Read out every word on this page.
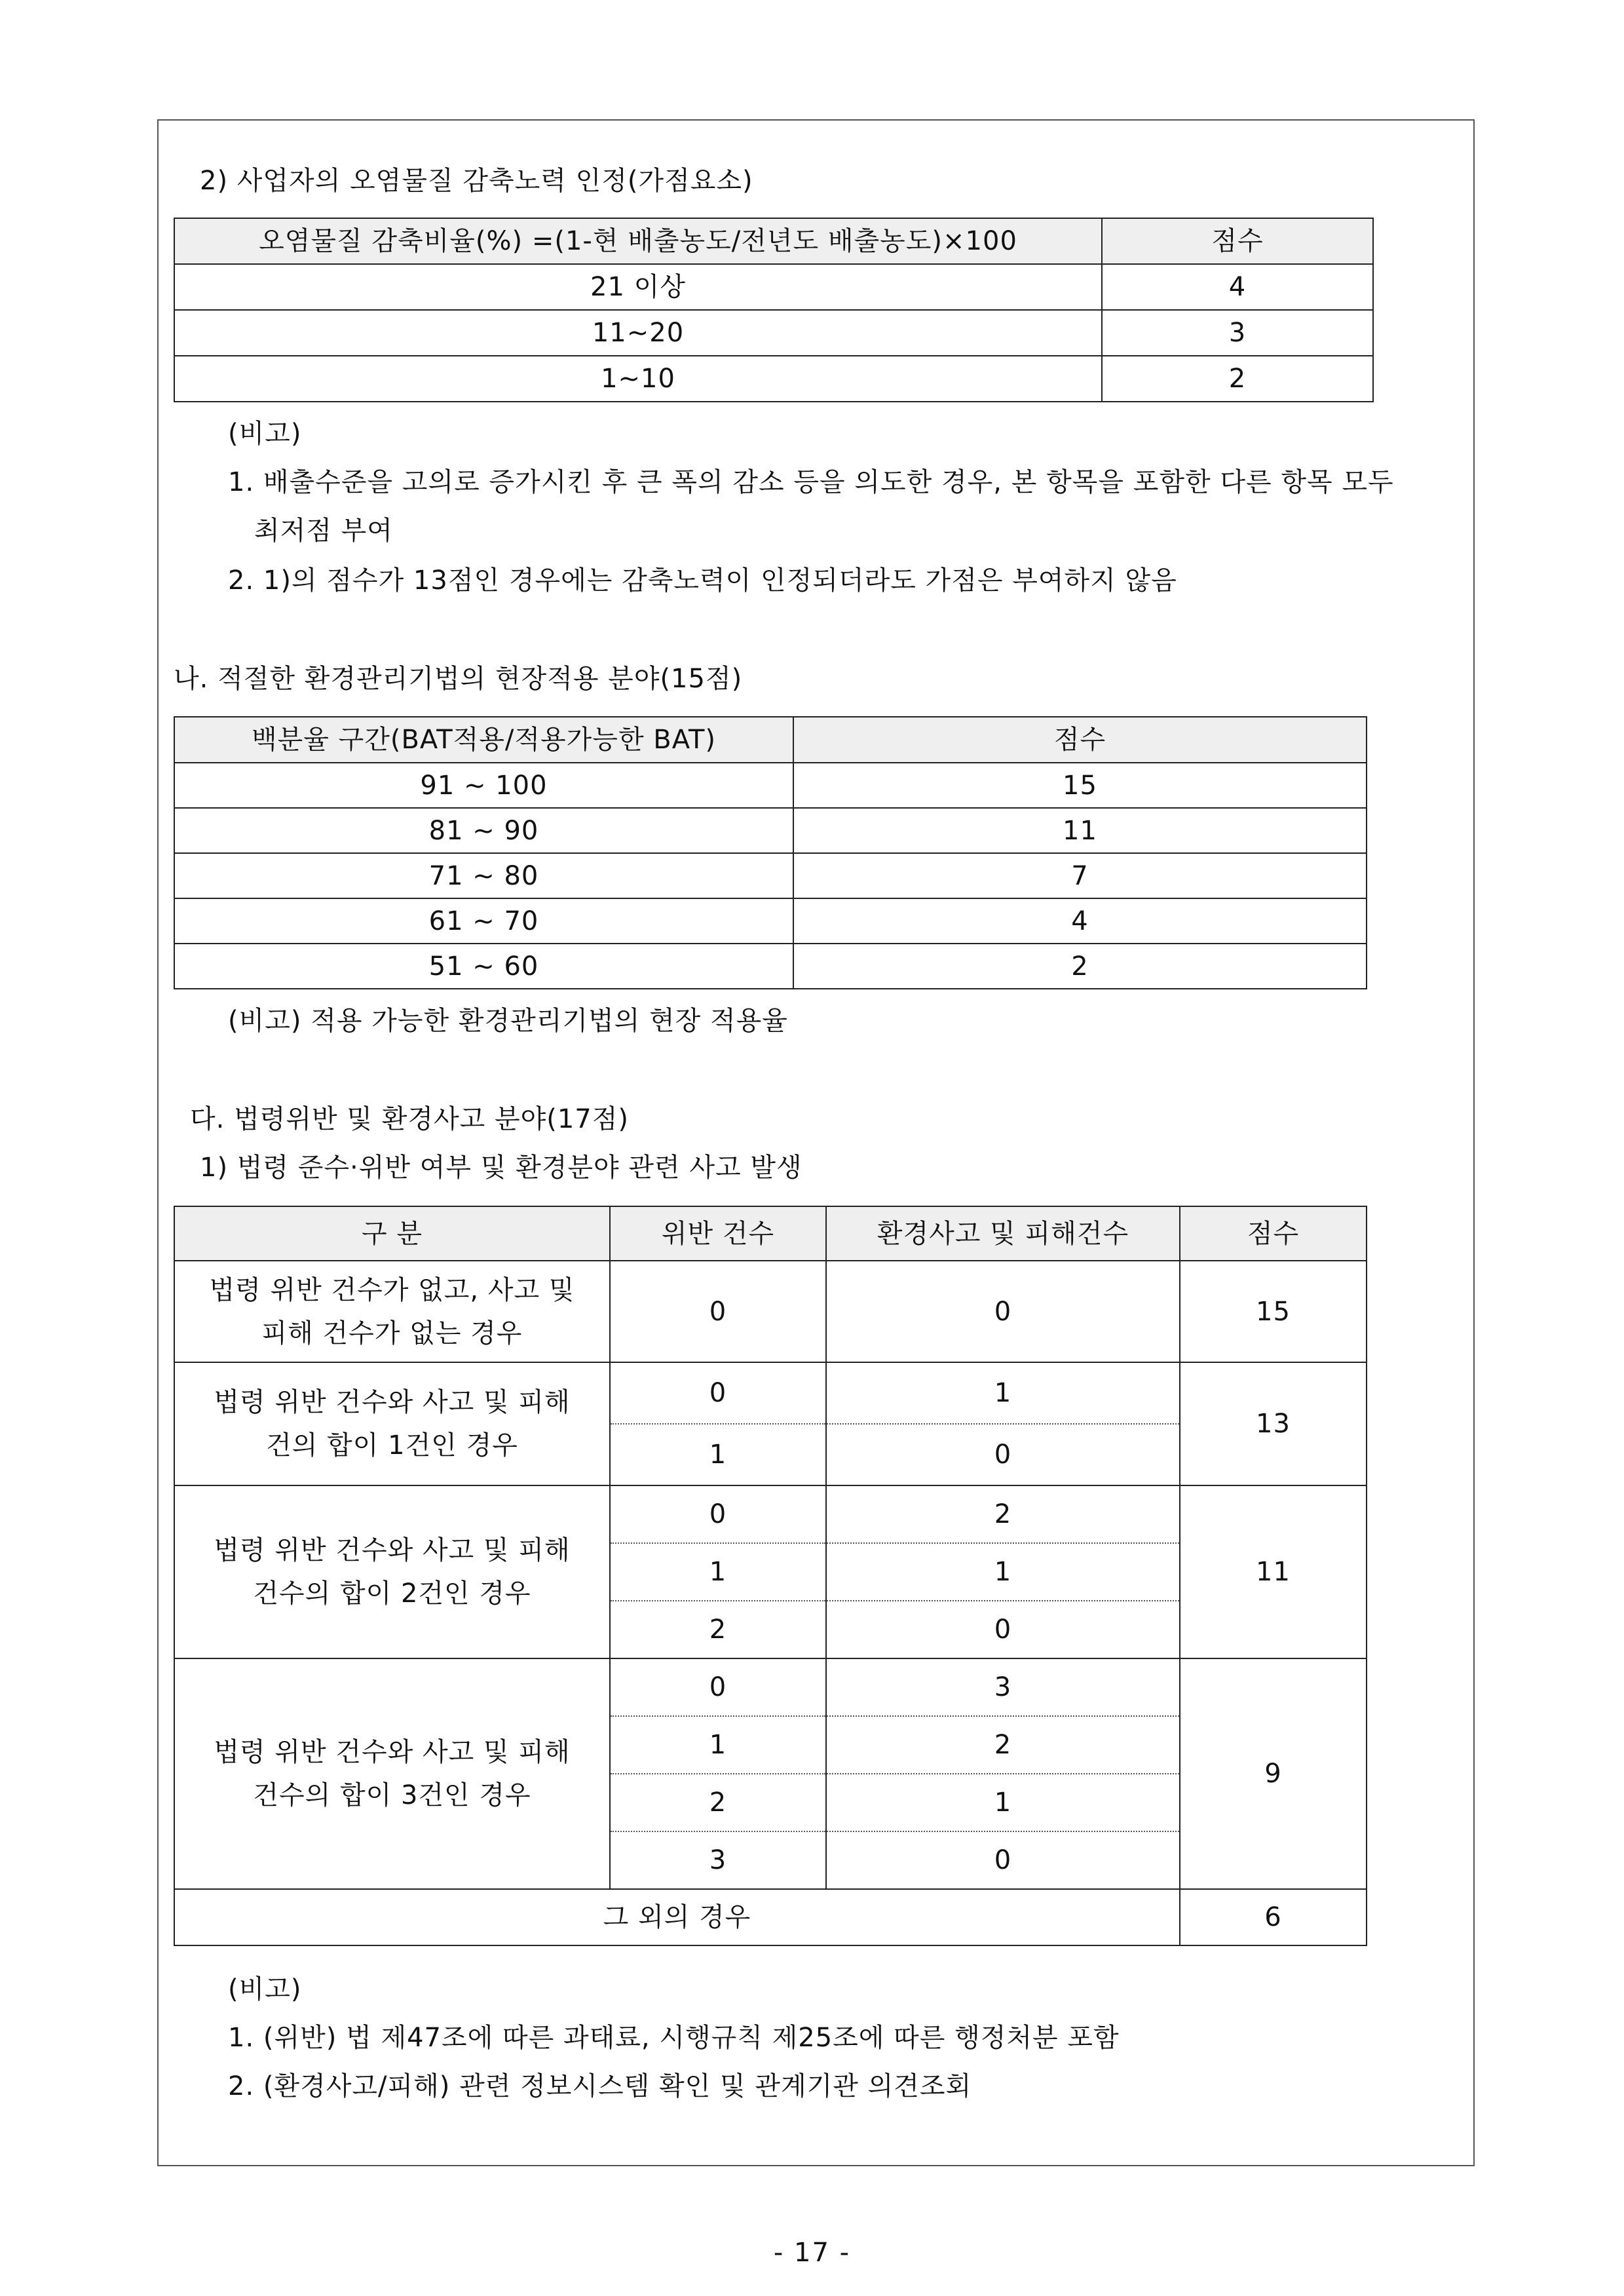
2) 사업자의 오염물질 감축노력 인정(가점요소)
오염물질 감축비율(%) =(1-현 배출농도/전년도 배출농도)×100	점수
21 이상	4
11~20	3
1~10	2
(비고)
1. 배출수준을 고의로 증가시킨 후 큰 폭의 감소 등을 의도한 경우, 본 항목을 포함한 다른 항목 모두
최저점 부여
2. 1)의 점수가 13점인 경우에는 감축노력이 인정되더라도 가점은 부여하지 않음
나. 적절한 환경관리기법의 현장적용 분야(15점)
백분율 구간(BAT적용/적용가능한 BAT)	점수
91 ~ 100	15
81 ~ 90	11
71 ~ 80	7
61 ~ 70	4
51 ~ 60	2
(비고) 적용 가능한 환경관리기법의 현장 적용율
다. 법령위반 및 환경사고 분야(17점)
1) 법령 준수·위반 여부 및 환경분야 관련 사고 발생
구 분	위반 건수	환경사고 및 피해건수	점수

법령 위반 건수가 없고, 사고 및
피해 건수가 없는 경우	0	0	15

법령 위반 건수와 사고 및 피해
건의 합이 1건인 경우	0	1	13
	1	0	

법령 위반 건수와 사고 및 피해
건수의 합이 2건인 경우	0	2	11
	1	1	
	2	0	

법령 위반 건수와 사고 및 피해
건수의 합이 3건인 경우	0	3	9
	1	2	
	2	1	
	3	0	
그 외의 경우			6
(비고)
1. (위반) 법 제47조에 따른 과태료, 시행규칙 제25조에 따른 행정처분 포함
2. (환경사고/피해) 관련 정보시스템 확인 및 관계기관 의견조회
- 17 -
